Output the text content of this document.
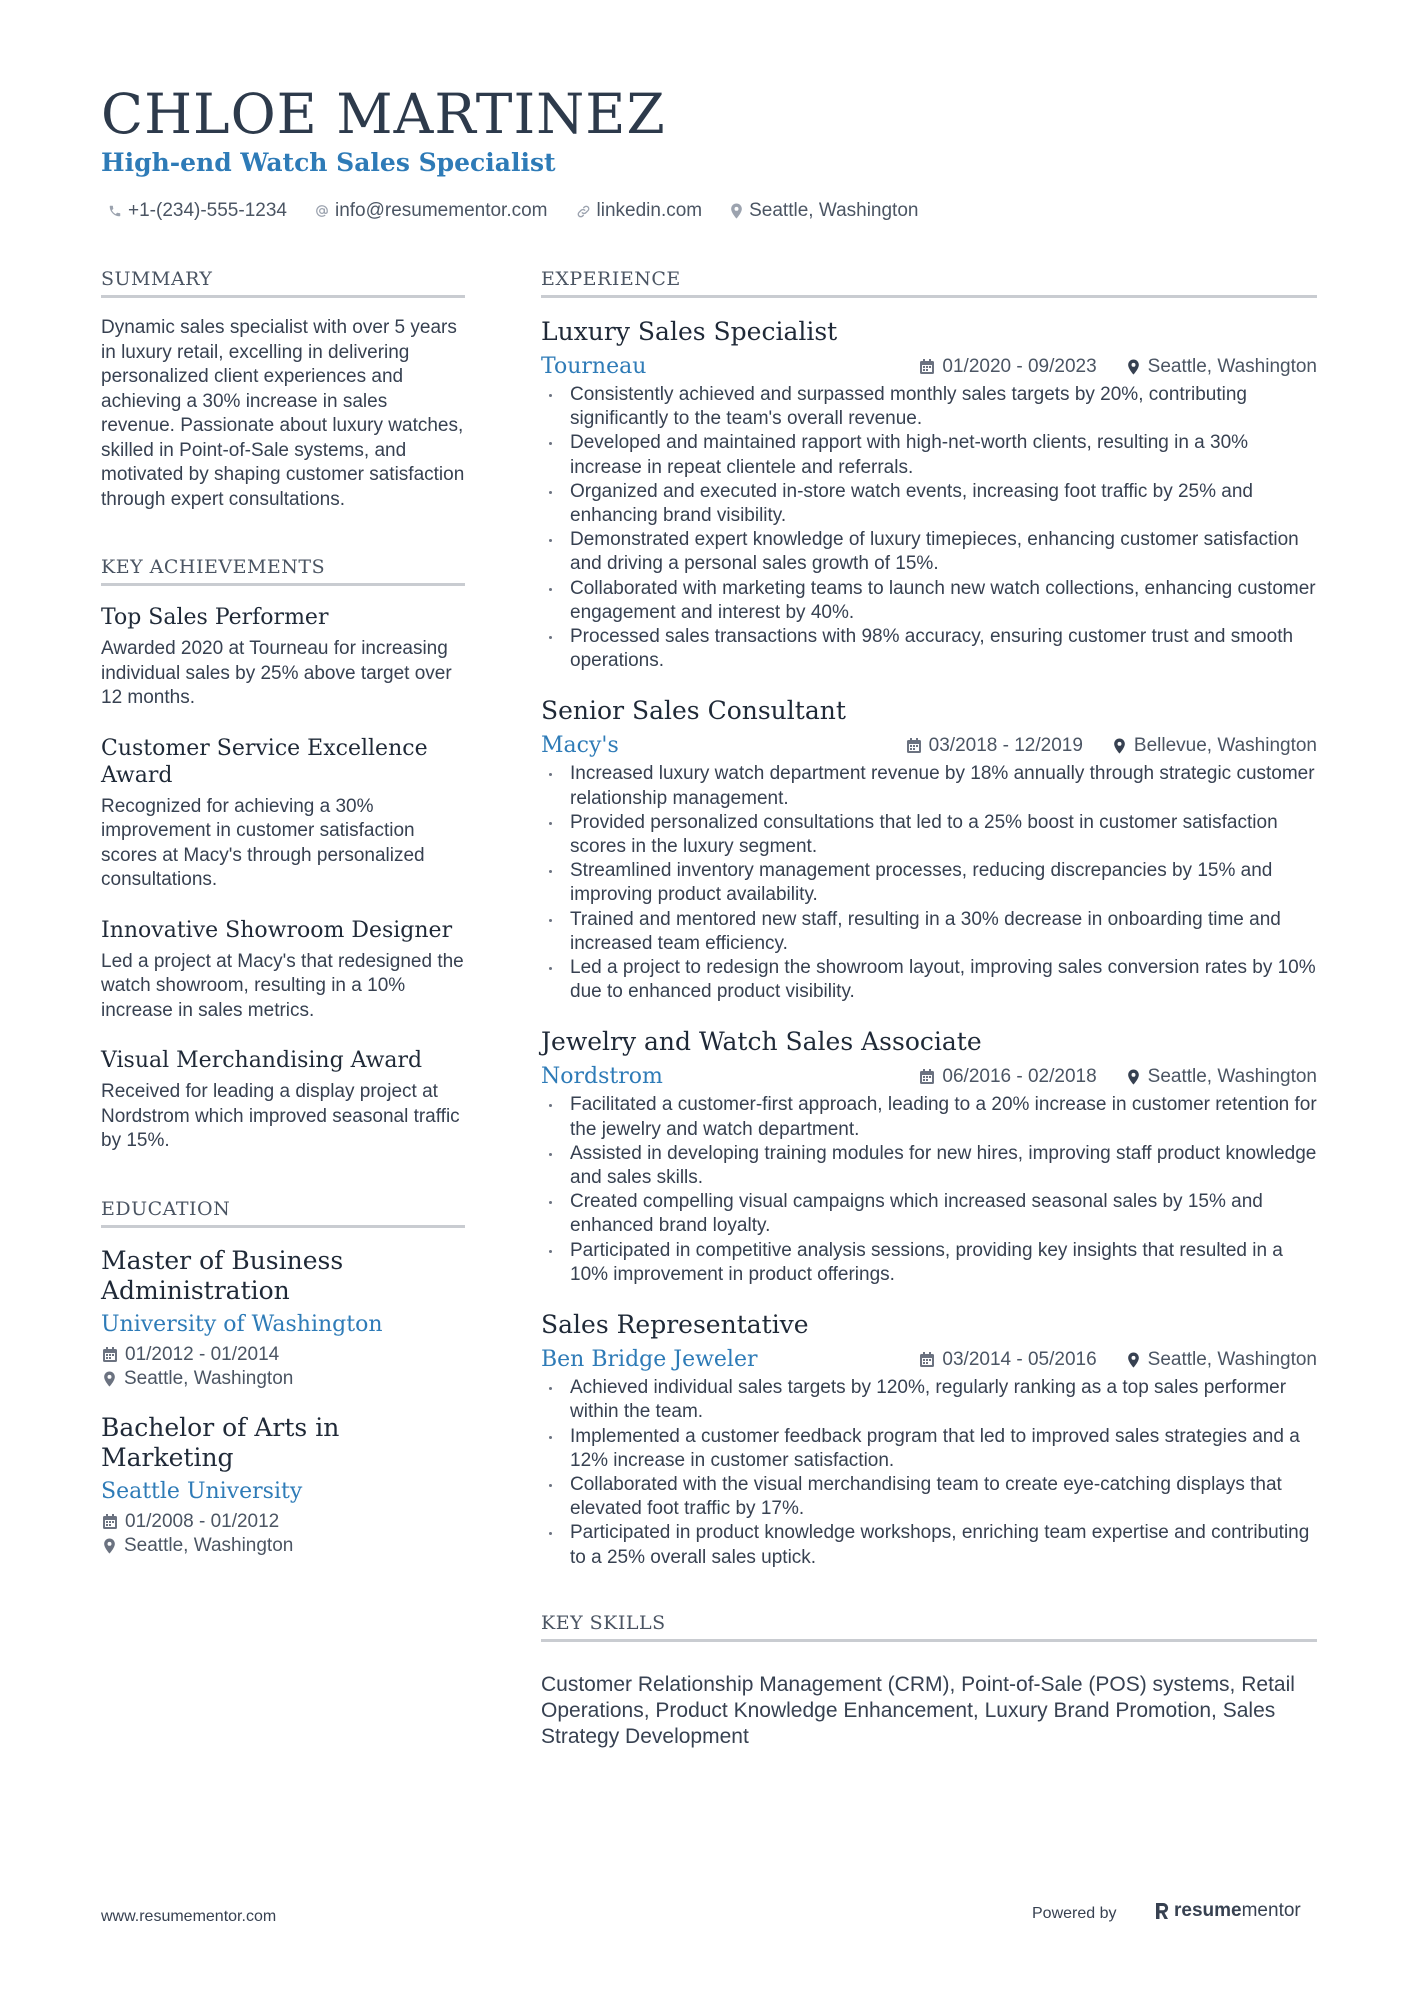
CHLOE MARTINEZ
High-end Watch Sales Specialist
+1-(234)-555-1234	info@resumementor.com	linkedin.com Seattle, Washington
SUMMARY

Dynamic sales specialist with over 5 years in luxury retail, excelling in delivering personalized client experiences and achieving a 30% increase in sales revenue. Passionate about luxury watches, skilled in Point-of-Sale systems, and motivated by shaping customer satisfaction through expert consultations.

KEY ACHIEVEMENTS
Top Sales Performer

Awarded 2020 at Tourneau for increasing individual sales by 25% above target over 12 months.

Customer Service Excellence Award

Recognized for achieving a 30% improvement in customer satisfaction scores at Macy's through personalized consultations.

Innovative Showroom Designer

Led a project at Macy's that redesigned the watch showroom, resulting in a 10% increase in sales metrics.

Visual Merchandising Award

Received for leading a display project at Nordstrom which improved seasonal traffic by 15%.

EDUCATION
Master of Business Administration
University of Washington
01/2012 - 01/2014
Seattle, Washington
Bachelor of Arts in Marketing
Seattle University
01/2008 - 01/2012
Seattle, Washington
EXPERIENCE
Luxury Sales Specialist
Tourneau	01/2020 - 09/2023	Seattle, Washington
Consistently achieved and surpassed monthly sales targets by 20%, contributing significantly to the team's overall revenue.
Developed and maintained rapport with high-net-worth clients, resulting in a 30% increase in repeat clientele and referrals.
Organized and executed in-store watch events, increasing foot traffic by 25% and enhancing brand visibility.
Demonstrated expert knowledge of luxury timepieces, enhancing customer satisfaction and driving a personal sales growth of 15%.
Collaborated with marketing teams to launch new watch collections, enhancing customer engagement and interest by 40%.
Processed sales transactions with 98% accuracy, ensuring customer trust and smooth operations.
Senior Sales Consultant
Macy's	03/2018 - 12/2019	Bellevue, Washington
Increased luxury watch department revenue by 18% annually through strategic customer relationship management.
Provided personalized consultations that led to a 25% boost in customer satisfaction scores in the luxury segment.
Streamlined inventory management processes, reducing discrepancies by 15% and improving product availability.
Trained and mentored new staff, resulting in a 30% decrease in onboarding time and increased team efficiency.
Led a project to redesign the showroom layout, improving sales conversion rates by 10% due to enhanced product visibility.
Jewelry and Watch Sales Associate
Nordstrom	06/2016 - 02/2018	Seattle, Washington
Facilitated a customer-first approach, leading to a 20% increase in customer retention for the jewelry and watch department.
Assisted in developing training modules for new hires, improving staff product knowledge and sales skills.
Created compelling visual campaigns which increased seasonal sales by 15% and enhanced brand loyalty.
Participated in competitive analysis sessions, providing key insights that resulted in a 10% improvement in product offerings.
Sales Representative
Ben Bridge Jeweler	03/2014 - 05/2016	Seattle, Washington
Achieved individual sales targets by 120%, regularly ranking as a top sales performer within the team.
Implemented a customer feedback program that led to improved sales strategies and a 12% increase in customer satisfaction.
Collaborated with the visual merchandising team to create eye-catching displays that elevated foot traffic by 17%.
Participated in product knowledge workshops, enriching team expertise and contributing to a 25% overall sales uptick.
KEY SKILLS

Customer Relationship Management (CRM), Point-of-Sale (POS) systems, Retail Operations, Product Knowledge Enhancement, Luxury Brand Promotion, Sales Strategy Development

www.resumementor.com	Powered by	resume mentor
